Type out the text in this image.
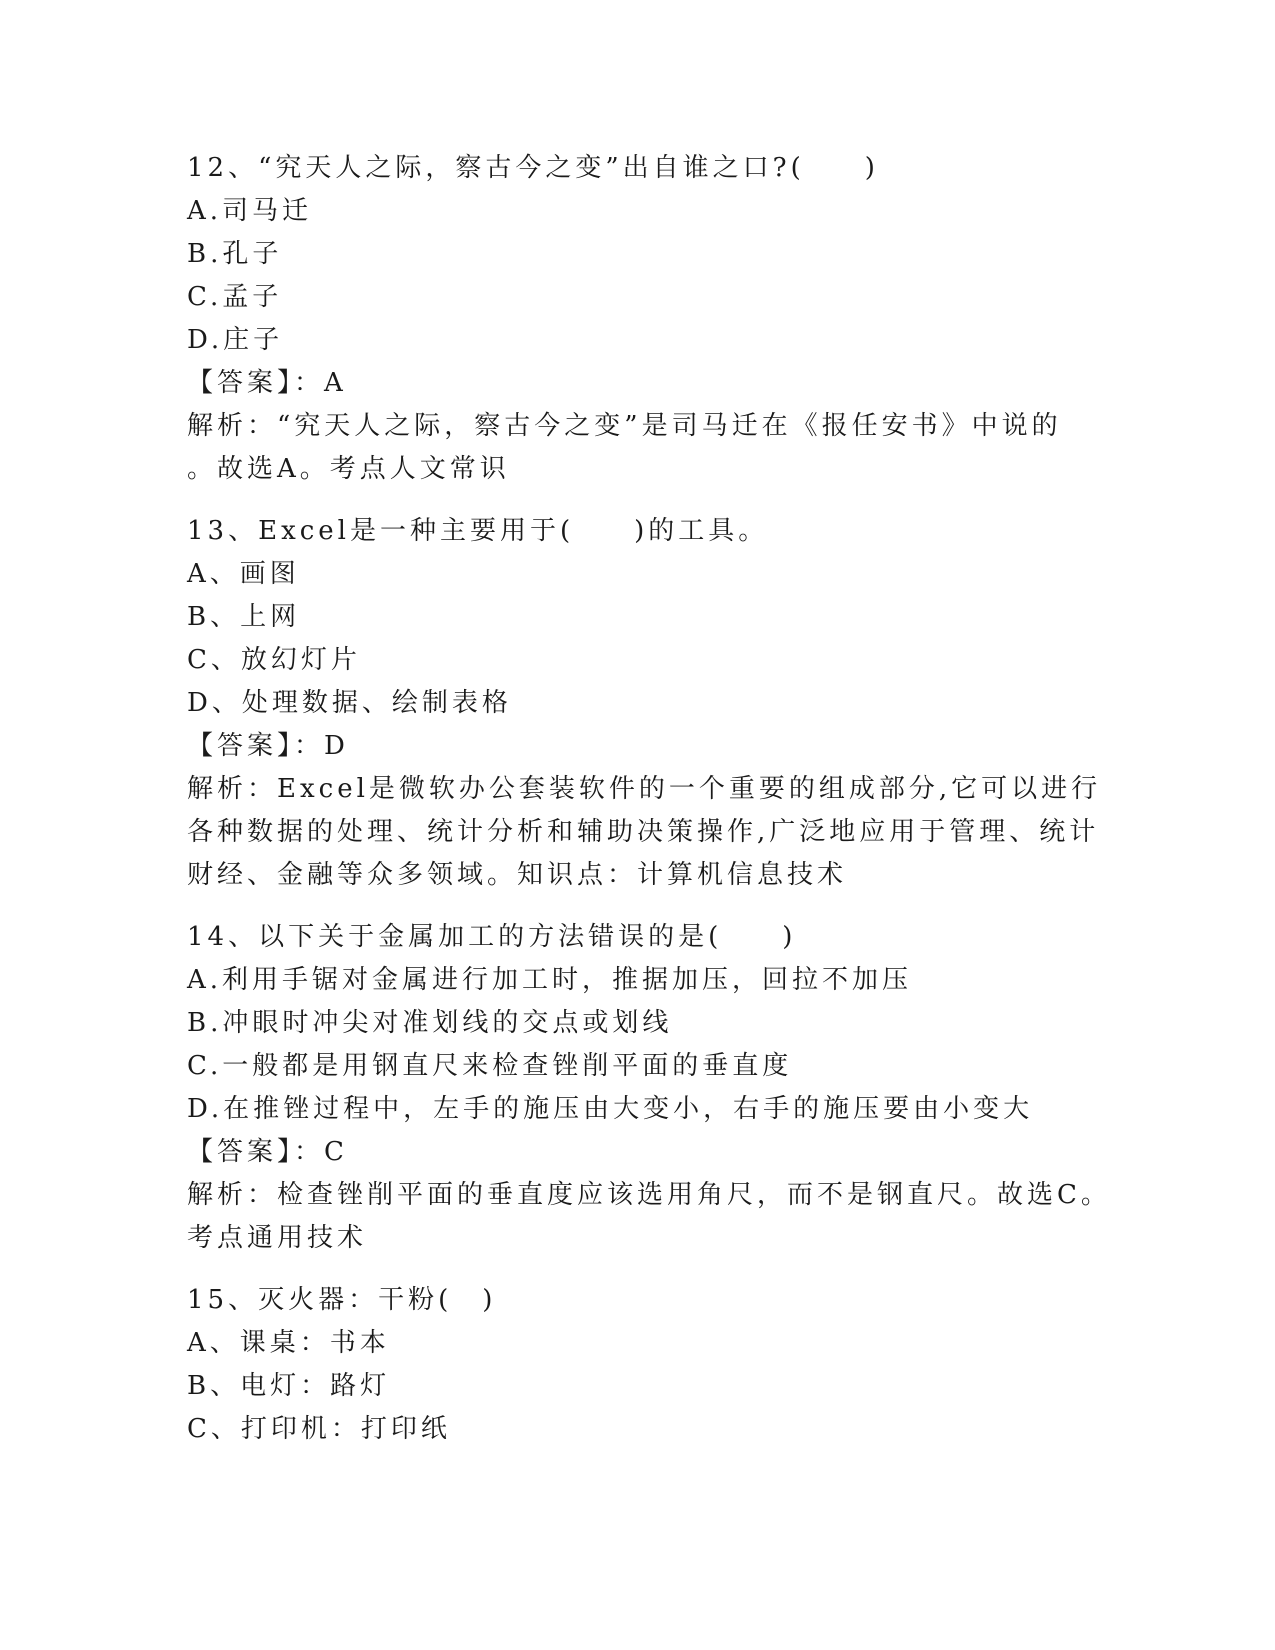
12、“究天人之际，察古今之变”出自谁之口?(　　)
A.司马迁
B.孔子
C.孟子
D.庄子
【答案】：A
解析：“究天人之际，察古今之变”是司马迁在《报任安书》中说的
。故选A。考点人文常识
13、Excel是一种主要用于(　　)的工具。
A、画图
B、上网
C、放幻灯片
D、处理数据、绘制表格
【答案】：D
解析：Excel是微软办公套装软件的一个重要的组成部分,它可以进行
各种数据的处理、统计分析和辅助决策操作,广泛地应用于管理、统计
财经、金融等众多领域。知识点：计算机信息技术
14、以下关于金属加工的方法错误的是(　　)
A.利用手锯对金属进行加工时，推据加压，回拉不加压
B.冲眼时冲尖对准划线的交点或划线
C.一般都是用钢直尺来检查锉削平面的垂直度
D.在推锉过程中，左手的施压由大变小，右手的施压要由小变大
【答案】：C
解析：检查锉削平面的垂直度应该选用角尺，而不是钢直尺。故选C。
考点通用技术
15、灭火器：干粉(　)
A、课桌：书本
B、电灯：路灯
C、打印机：打印纸
